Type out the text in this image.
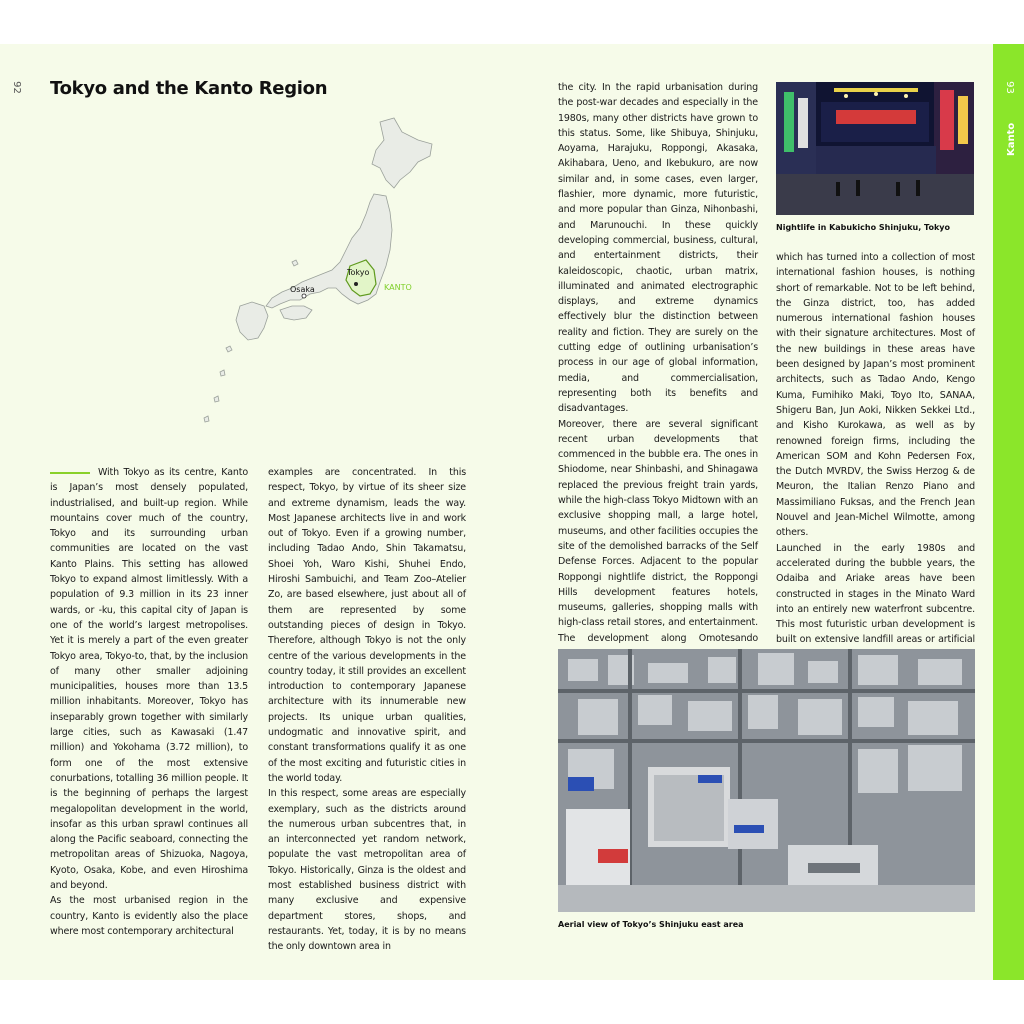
92	93
Tokyo and the Kanto Region
Tokyo
Osaka	KANTO

With Tokyo as its centre, Kanto is Japan’s most densely populated, industrialised, and built-up region. While mountains cover much of the country, Tokyo and its surrounding urban communities are located on the vast Kanto Plains. This setting has allowed Tokyo to expand almost limitlessly. With a population of 9.3 million in its 23 inner wards, or -ku, this capital city of Japan is one of the world’s largest metropolises. Yet it is merely a part of the even greater Tokyo area, Tokyo-to, that, by the inclusion of many other smaller adjoining municipalities, houses more than 13.5 million inhabitants. Moreover, Tokyo has inseparably grown together with similarly large cities, such as Kawasaki (1.47 million) and Yokohama (3.72 million), to form one of the most extensive conurbations, totalling 36 million people. It is the beginning of perhaps the largest megalopolitan development in the world, insofar as this urban sprawl continues all along the Pacific seaboard, connecting the metropolitan areas of Shizuoka, Nagoya, Kyoto, Osaka, Kobe, and even Hiroshima and beyond.

As the most urbanised region in the country, Kanto is evidently also the place where most contemporary architectural

examples are concentrated. In this respect, Tokyo, by virtue of its sheer size and extreme dynamism, leads the way. Most Japanese architects live in and work out of Tokyo. Even if a growing number, including Tadao Ando, Shin Takamatsu, Shoei Yoh, Waro Kishi, Shuhei Endo, Hiroshi Sambuichi, and Team Zoo–Atelier Zo, are based elsewhere, just about all of them are represented by some outstanding pieces of design in Tokyo. Therefore, although Tokyo is not the only centre of the various developments in the country today, it still provides an excellent introduction to contemporary Japanese architecture with its innumerable new projects. Its unique urban qualities, undogmatic and innovative spirit, and constant transformations qualify it as one of the most exciting and futuristic cities in the world today.

In this respect, some areas are especially exemplary, such as the districts around the numerous urban subcentres that, in an interconnected yet random network, populate the vast metropolitan area of Tokyo. Historically, Ginza is the oldest and most established business district with many exclusive and expensive department stores, shops, and restaurants. Yet, today, it is by no means the only downtown area in

the city. In the rapid urbanisation during the post-war decades and especially in the 1980s, many other districts have grown to this status. Some, like Shibuya, Shinjuku, Aoyama, Harajuku, Roppongi, Akasaka, Akihabara, Ueno, and Ikebukuro, are now similar and, in some cases, even larger, flashier, more dynamic, more futuristic, and more popular than Ginza, Nihonbashi, and Marunouchi. In these quickly developing commercial, business, cultural, and entertainment districts, their kaleidoscopic, chaotic, urban matrix, illuminated and animated electrographic displays, and extreme dynamics effectively blur the distinction between reality and fiction. They are surely on the cutting edge of outlining urbanisation’s process in our age of global information, media, and commercialisation, representing both its benefits and disadvantages.

Moreover, there are several significant recent urban developments that commenced in the bubble era. The ones in Shiodome, near Shinbashi, and Shinagawa replaced the previous freight train yards, while the high-class Tokyo Midtown with an exclusive shopping mall, a large hotel, museums, and other facilities occupies the site of the demolished barracks of the Self Defense Forces. Adjacent to the popular Roppongi nightlife district, the Roppongi Hills development features hotels, museums, galleries, shopping malls with high-class retail stores, and entertainment. The development along Omotesando

which has turned into a collection of most international fashion houses, is nothing short of remarkable. Not to be left behind, the Ginza district, too, has added numerous international fashion houses with their signature architectures. Most of the new buildings in these areas have been designed by Japan’s most prominent architects, such as Tadao Ando, Kengo Kuma, Fumihiko Maki, Toyo Ito, SANAA, Shigeru Ban, Jun Aoki, Nikken Sekkei Ltd., and Kisho Kurokawa, as well as by renowned foreign firms, including the American SOM and Kohn Pedersen Fox, the Dutch MVRDV, the Swiss Herzog & de Meuron, the Italian Renzo Piano and Massimiliano Fuksas, and the French Jean Nouvel and Jean-Michel Wilmotte, among others.

Launched in the early 1980s and accelerated during the bubble years, the Odaiba and Ariake areas have been constructed in stages in the Minato Ward into an entirely new waterfront subcentre. This most futuristic urban development is built on extensive landfill areas or artificial

Nightlife in Kabukicho Shinjuku, Tokyo
Aerial view of Tokyo’s Shinjuku east area
Kanto
